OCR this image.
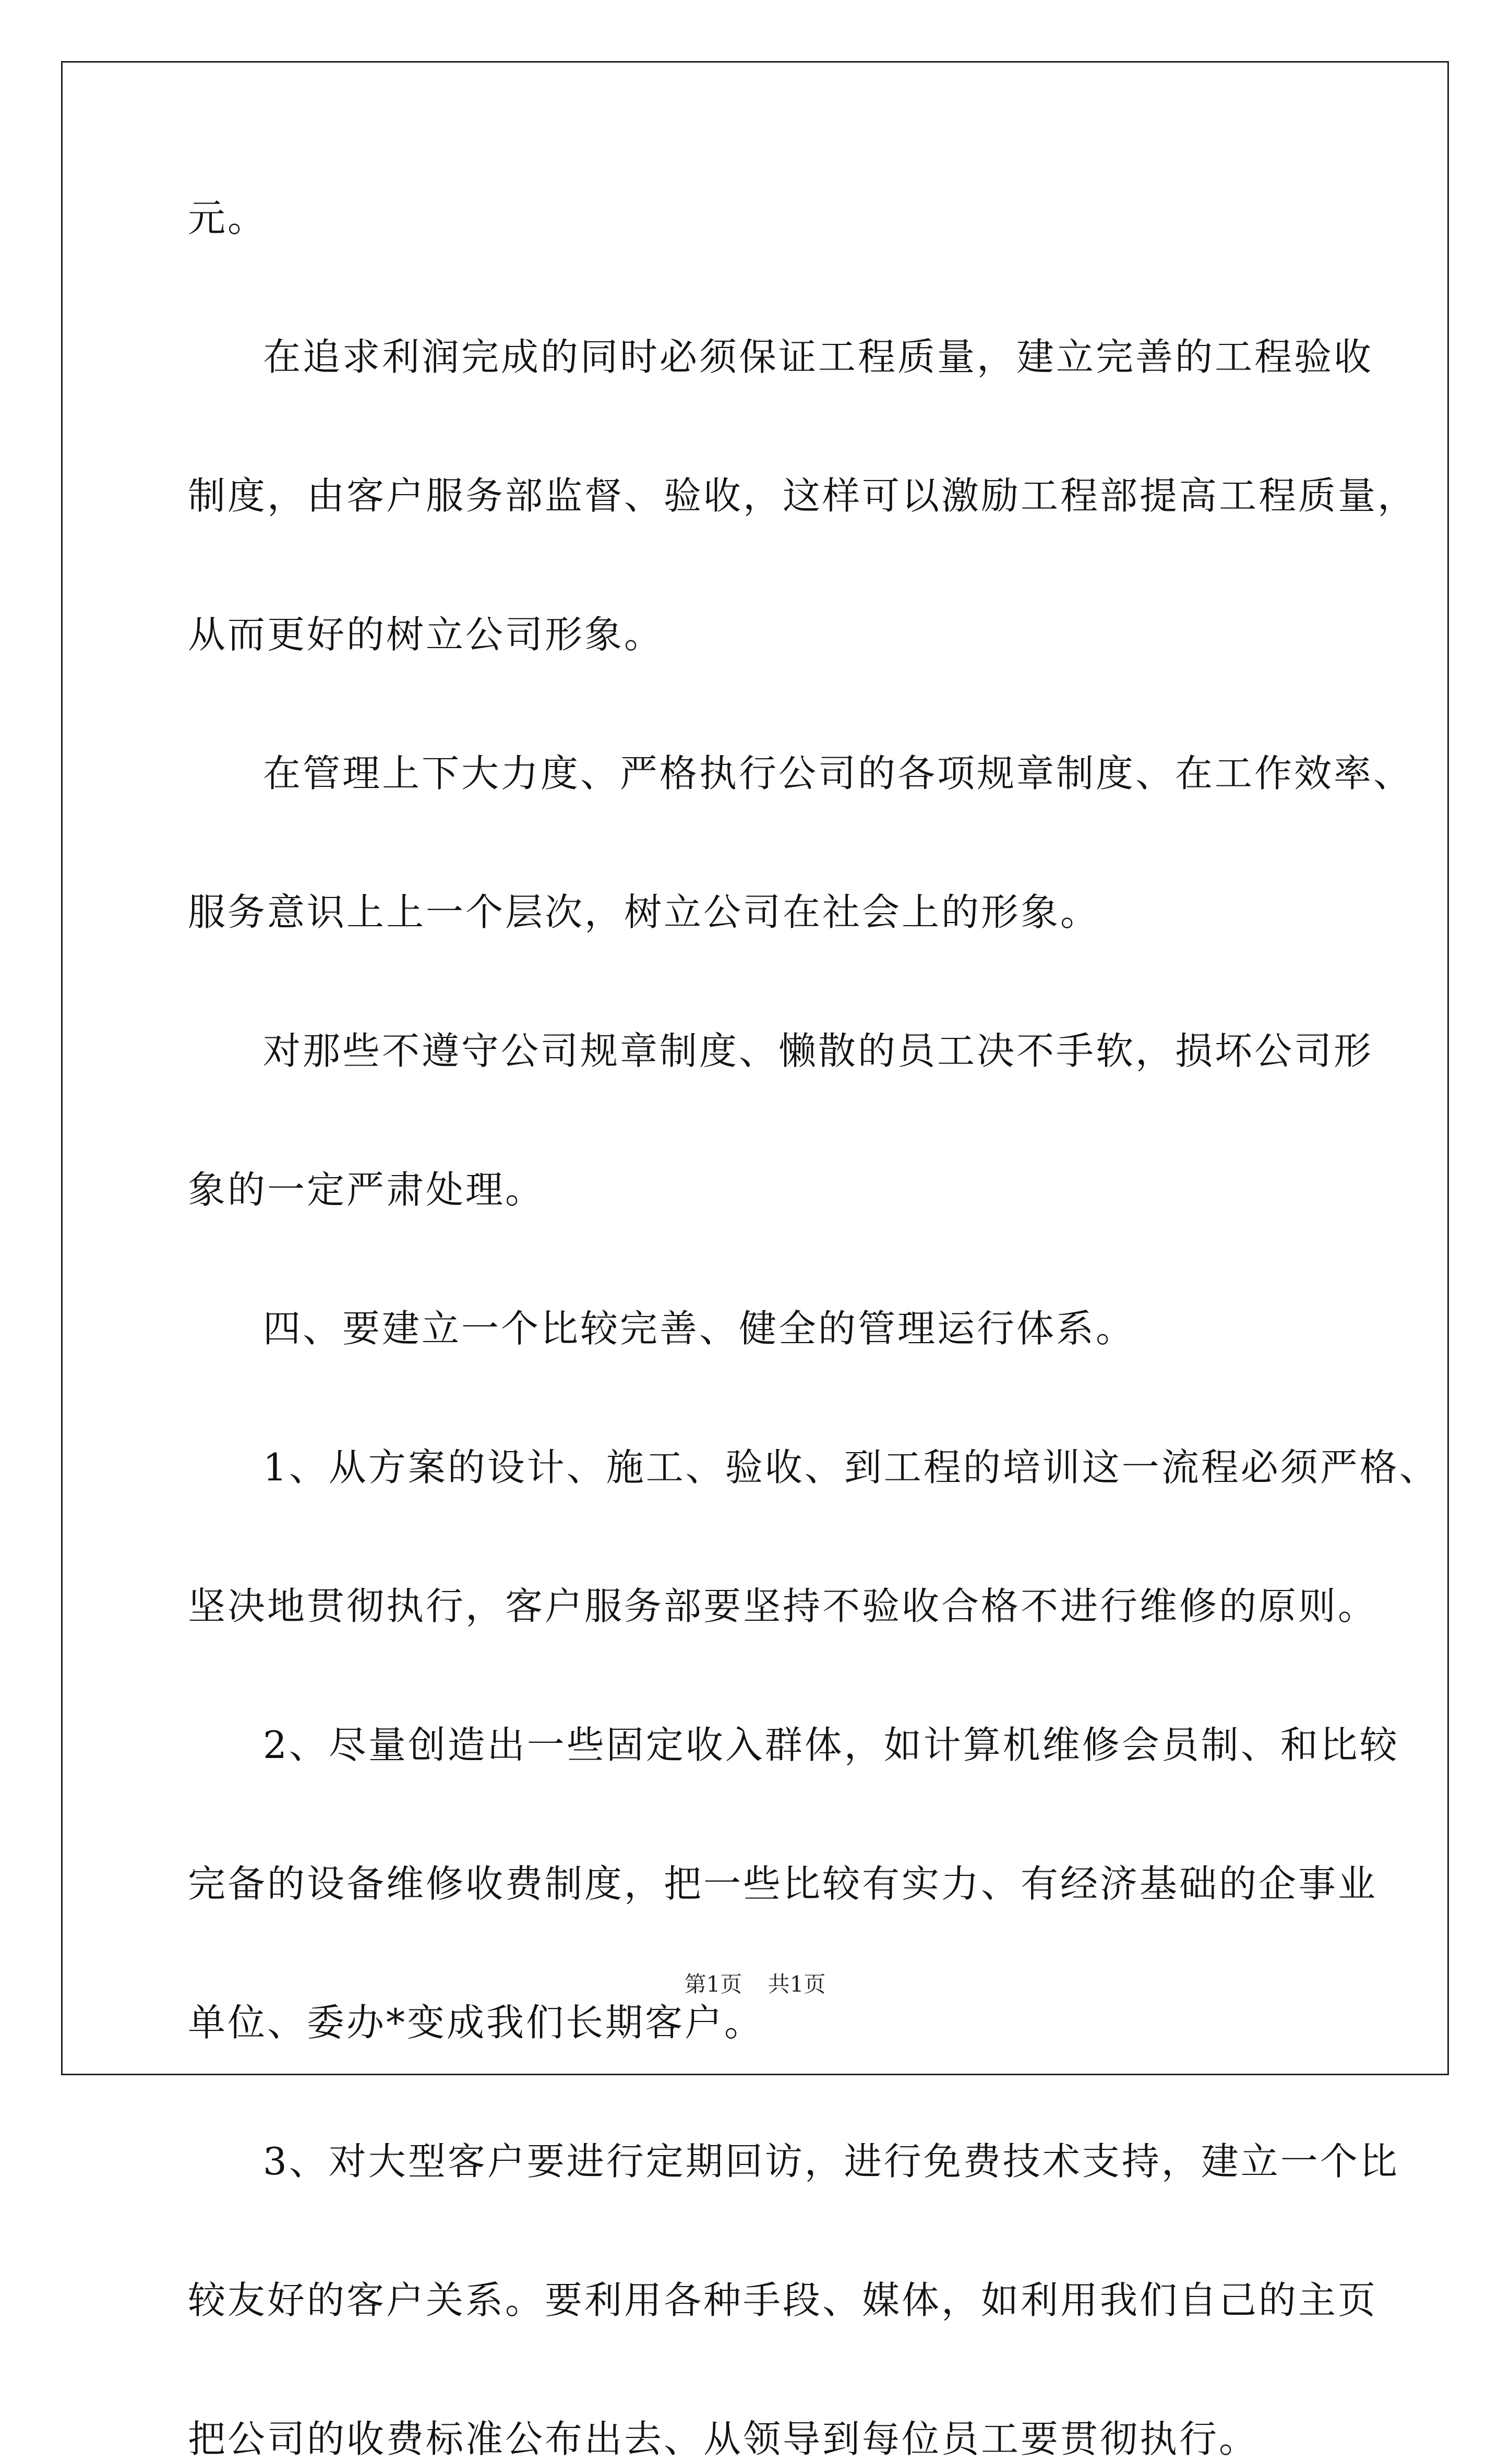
元。

在追求利润完成的同时必须保证工程质量，建立完善的工程验收

制度，由客户服务部监督、验收，这样可以激励工程部提高工程质量，

从而更好的树立公司形象。

在管理上下大力度、严格执行公司的各项规章制度、在工作效率、

服务意识上上一个层次，树立公司在社会上的形象。

对那些不遵守公司规章制度、懒散的员工决不手软，损坏公司形

象的一定严肃处理。

四、要建立一个比较完善、健全的管理运行体系。

1、从方案的设计、施工、验收、到工程的培训这一流程必须严格、

坚决地贯彻执行，客户服务部要坚持不验收合格不进行维修的原则。

2、尽量创造出一些固定收入群体，如计算机维修会员制、和比较

完备的设备维修收费制度，把一些比较有实力、有经济基础的企事业

单位、委办*变成我们长期客户。

3、对大型客户要进行定期回访，进行免费技术支持，建立一个比

较友好的客户关系。要利用各种手段、媒体，如利用我们自己的主页

把公司的收费标准公布出去、从领导到每位员工要贯彻执行。

第1页 共1页
